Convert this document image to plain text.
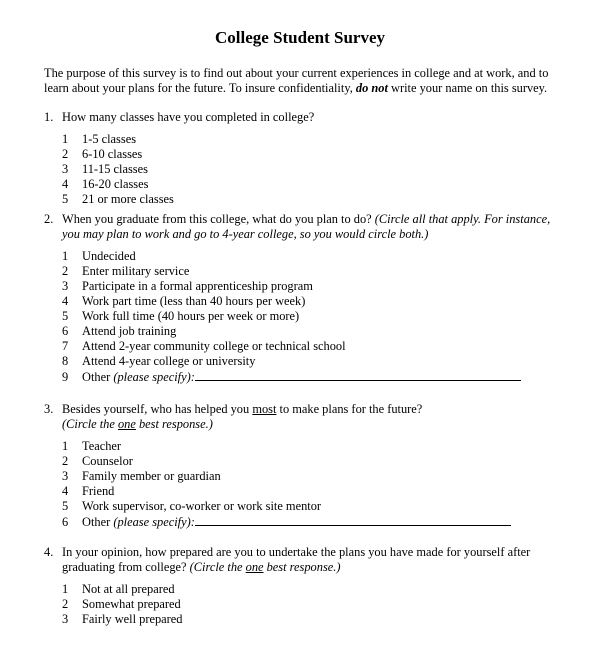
College Student Survey
The purpose of this survey is to find out about your current experiences in college and at work, and to
learn about your plans for the future. To insure confidentiality, do not write your name on this survey.
1. How many classes have you completed in college?
1 1-5 classes
2 6-10 classes
3 11-15 classes
4 16-20 classes
5 21 or more classes
2. When you graduate from this college, what do you plan to do? (Circle all that apply. For instance,
you may plan to work and go to 4-year college, so you would circle both.)
1 Undecided
2 Enter military service
3 Participate in a formal apprenticeship program
4 Work part time (less than 40 hours per week)
5 Work full time (40 hours per week or more)
6 Attend job training
7 Attend 2-year community college or technical school
8 Attend 4-year college or university
9 Other (please specify):
3. Besides yourself, who has helped you most to make plans for the future?
(Circle the one best response.)
1 Teacher
2 Counselor
3 Family member or guardian
4 Friend
5 Work supervisor, co-worker or work site mentor
6 Other (please specify):
4. In your opinion, how prepared are you to undertake the plans you have made for yourself after
graduating from college? (Circle the one best response.)
1 Not at all prepared
2 Somewhat prepared
3 Fairly well prepared
